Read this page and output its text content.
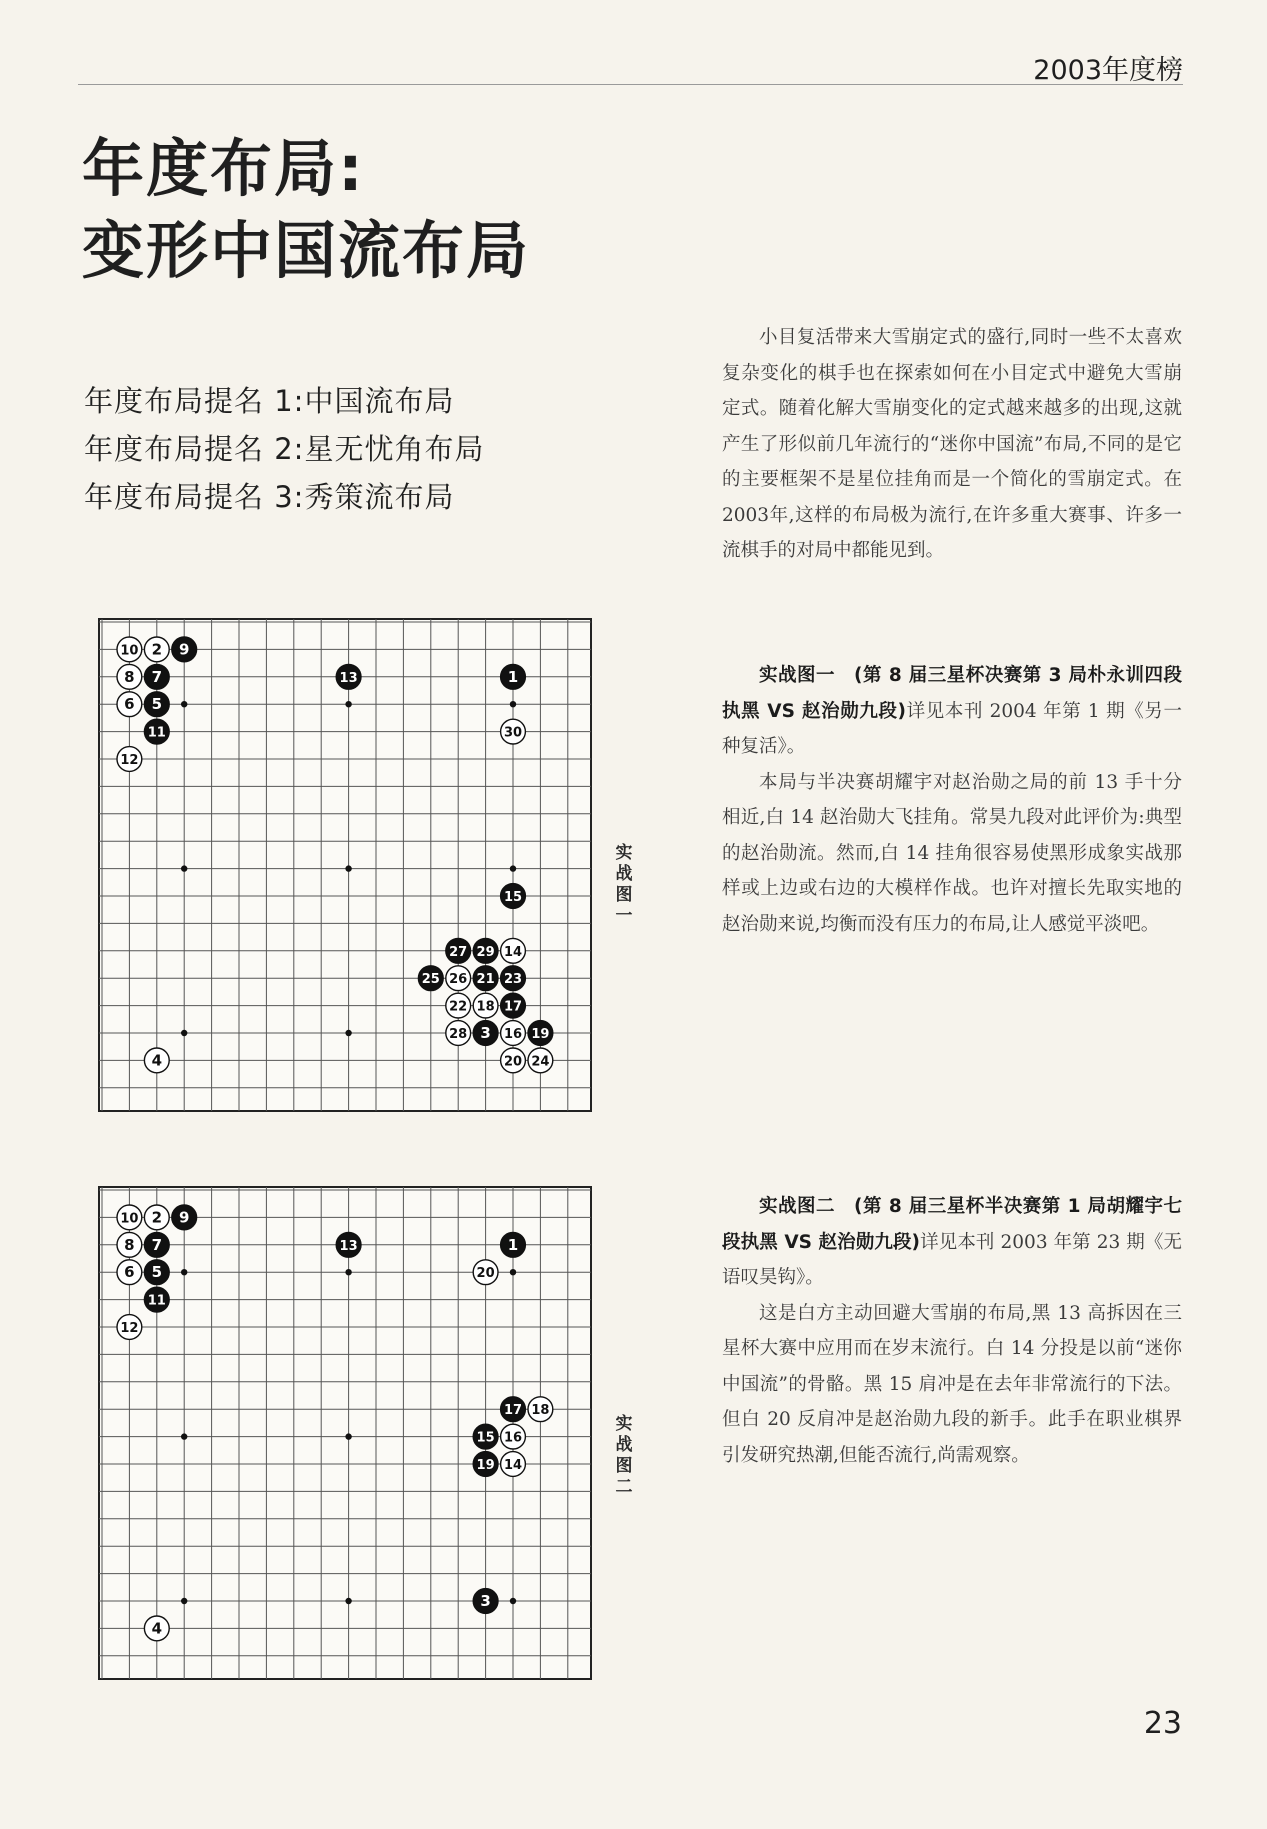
2003年度榜
年度布局:
变形中国流布局
年度布局提名 1:中国流布局
年度布局提名 2:星无忧角布局
年度布局提名 3:秀策流布局

小目复活带来大雪崩定式的盛行,同时一些不太喜欢复杂变化的棋手也在探索如何在小目定式中避免大雪崩定式。随着化解大雪崩变化的定式越来越多的出现,这就产生了形似前几年流行的“迷你中国流”布局,不同的是它的主要框架不是星位挂角而是一个简化的雪崩定式。在2003年,这样的布局极为流行,在许多重大赛事、许多一流棋手的对局中都能见到。

实战图一　(第 8 届三星杯决赛第 3 局朴永训四段执黑 VS 赵治勋九段)详见本刊 2004 年第 1 期《另一种复活》。

本局与半决赛胡耀宇对赵治勋之局的前 13 手十分相近,白 14 赵治勋大飞挂角。常昊九段对此评价为:典型的赵治勋流。然而,白 14 挂角很容易使黑形成象实战那样或上边或右边的大模样作战。也许对擅长先取实地的赵治勋来说,均衡而没有压力的布局,让人感觉平淡吧。

实战图二　(第 8 届三星杯半决赛第 1 局胡耀宇七段执黑 VS 赵治勋九段)详见本刊 2003 年第 23 期《无语叹昊钩》。

这是白方主动回避大雪崩的布局,黑 13 高拆因在三星杯大赛中应用而在岁末流行。白 14 分投是以前“迷你中国流”的骨骼。黑 15 肩冲是在去年非常流行的下法。但白 20 反肩冲是赵治勋九段的新手。此手在职业棋界引发研究热潮,但能否流行,尚需观察。

1
2
3
4
5
6
7
8
9
10
11
12
13
14
15
16
17
18
19
20
21
22
23
24
25 26
27
28
29
30
实
战
图
一
1
2
3
4
5
6
7
8
9
10
11
12
13
14
15 16
17 18
19
20
实
战
图
二
23
